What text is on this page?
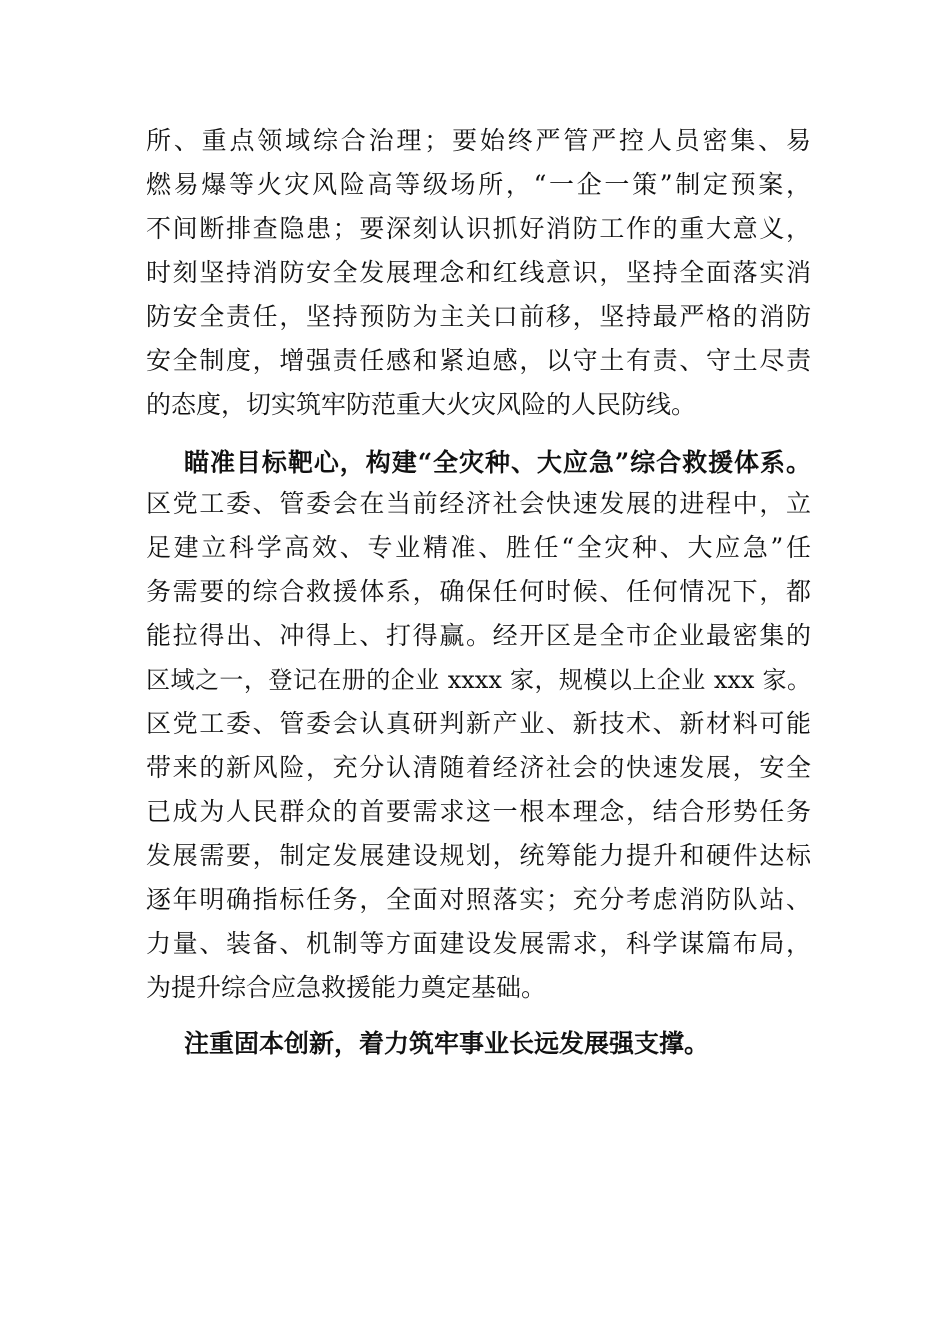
所、重点领域综合治理；要始终严管严控人员密集、易
燃易爆等火灾风险高等级场所，“一企一策”制定预案，
不间断排查隐患；要深刻认识抓好消防工作的重大意义，
时刻坚持消防安全发展理念和红线意识，坚持全面落实消
防安全责任，坚持预防为主关口前移，坚持最严格的消防
安全制度，增强责任感和紧迫感，以守土有责、守土尽责
的态度，切实筑牢防范重大火灾风险的人民防线。
瞄准目标靶心，构建“全灾种、大应急”综合救援体系。
区党工委、管委会在当前经济社会快速发展的进程中，立
足建立科学高效、专业精准、胜任“全灾种、大应急”任
务需要的综合救援体系，确保任何时候、任何情况下，都
能拉得出、冲得上、打得赢。经开区是全市企业最密集的
区域之一，登记在册的企业 xxxx 家，规模以上企业 xxx 家。
区党工委、管委会认真研判新产业、新技术、新材料可能
带来的新风险，充分认清随着经济社会的快速发展，安全
已成为人民群众的首要需求这一根本理念，结合形势任务
发展需要，制定发展建设规划，统筹能力提升和硬件达标
逐年明确指标任务，全面对照落实；充分考虑消防队站、
力量、装备、机制等方面建设发展需求，科学谋篇布局，
为提升综合应急救援能力奠定基础。
注重固本创新，着力筑牢事业长远发展强支撑。
